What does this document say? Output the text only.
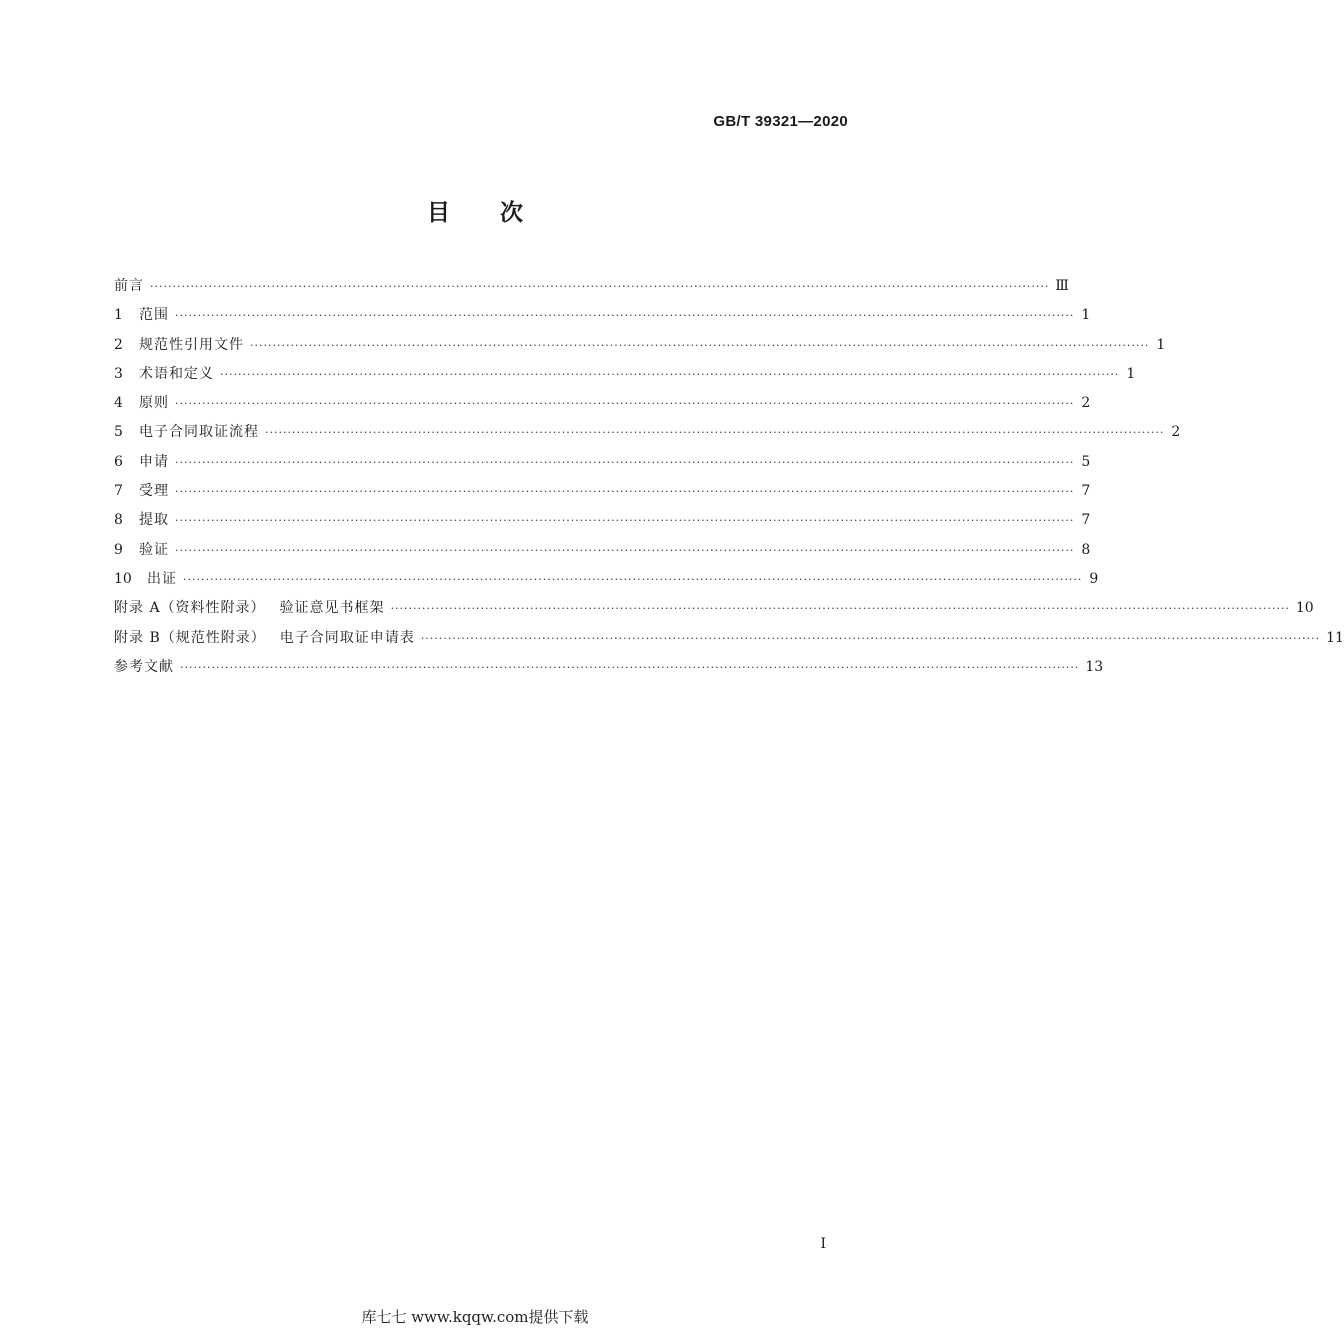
GB/T 39321—2020
目次
前言 ········································································································································································································ Ⅲ
1	范围 ········································································································································································································ 1
2	规范性引用文件 ········································································································································································································ 1
3	术语和定义 ········································································································································································································ 1
4	原则 ········································································································································································································ 2
5	电子合同取证流程 ········································································································································································································ 2
6	申请 ········································································································································································································ 5
7	受理 ········································································································································································································ 7
8	提取 ········································································································································································································ 7
9	验证 ········································································································································································································ 8
10	出证 ········································································································································································································ 9
附录 A（资料性附录） 验证意见书框架 ········································································································································································································ 10
附录 B（规范性附录） 电子合同取证申请表 ········································································································································································································ 11
参考文献 ········································································································································································································ 13
I
库七七 www.kqqw.com提供下载
